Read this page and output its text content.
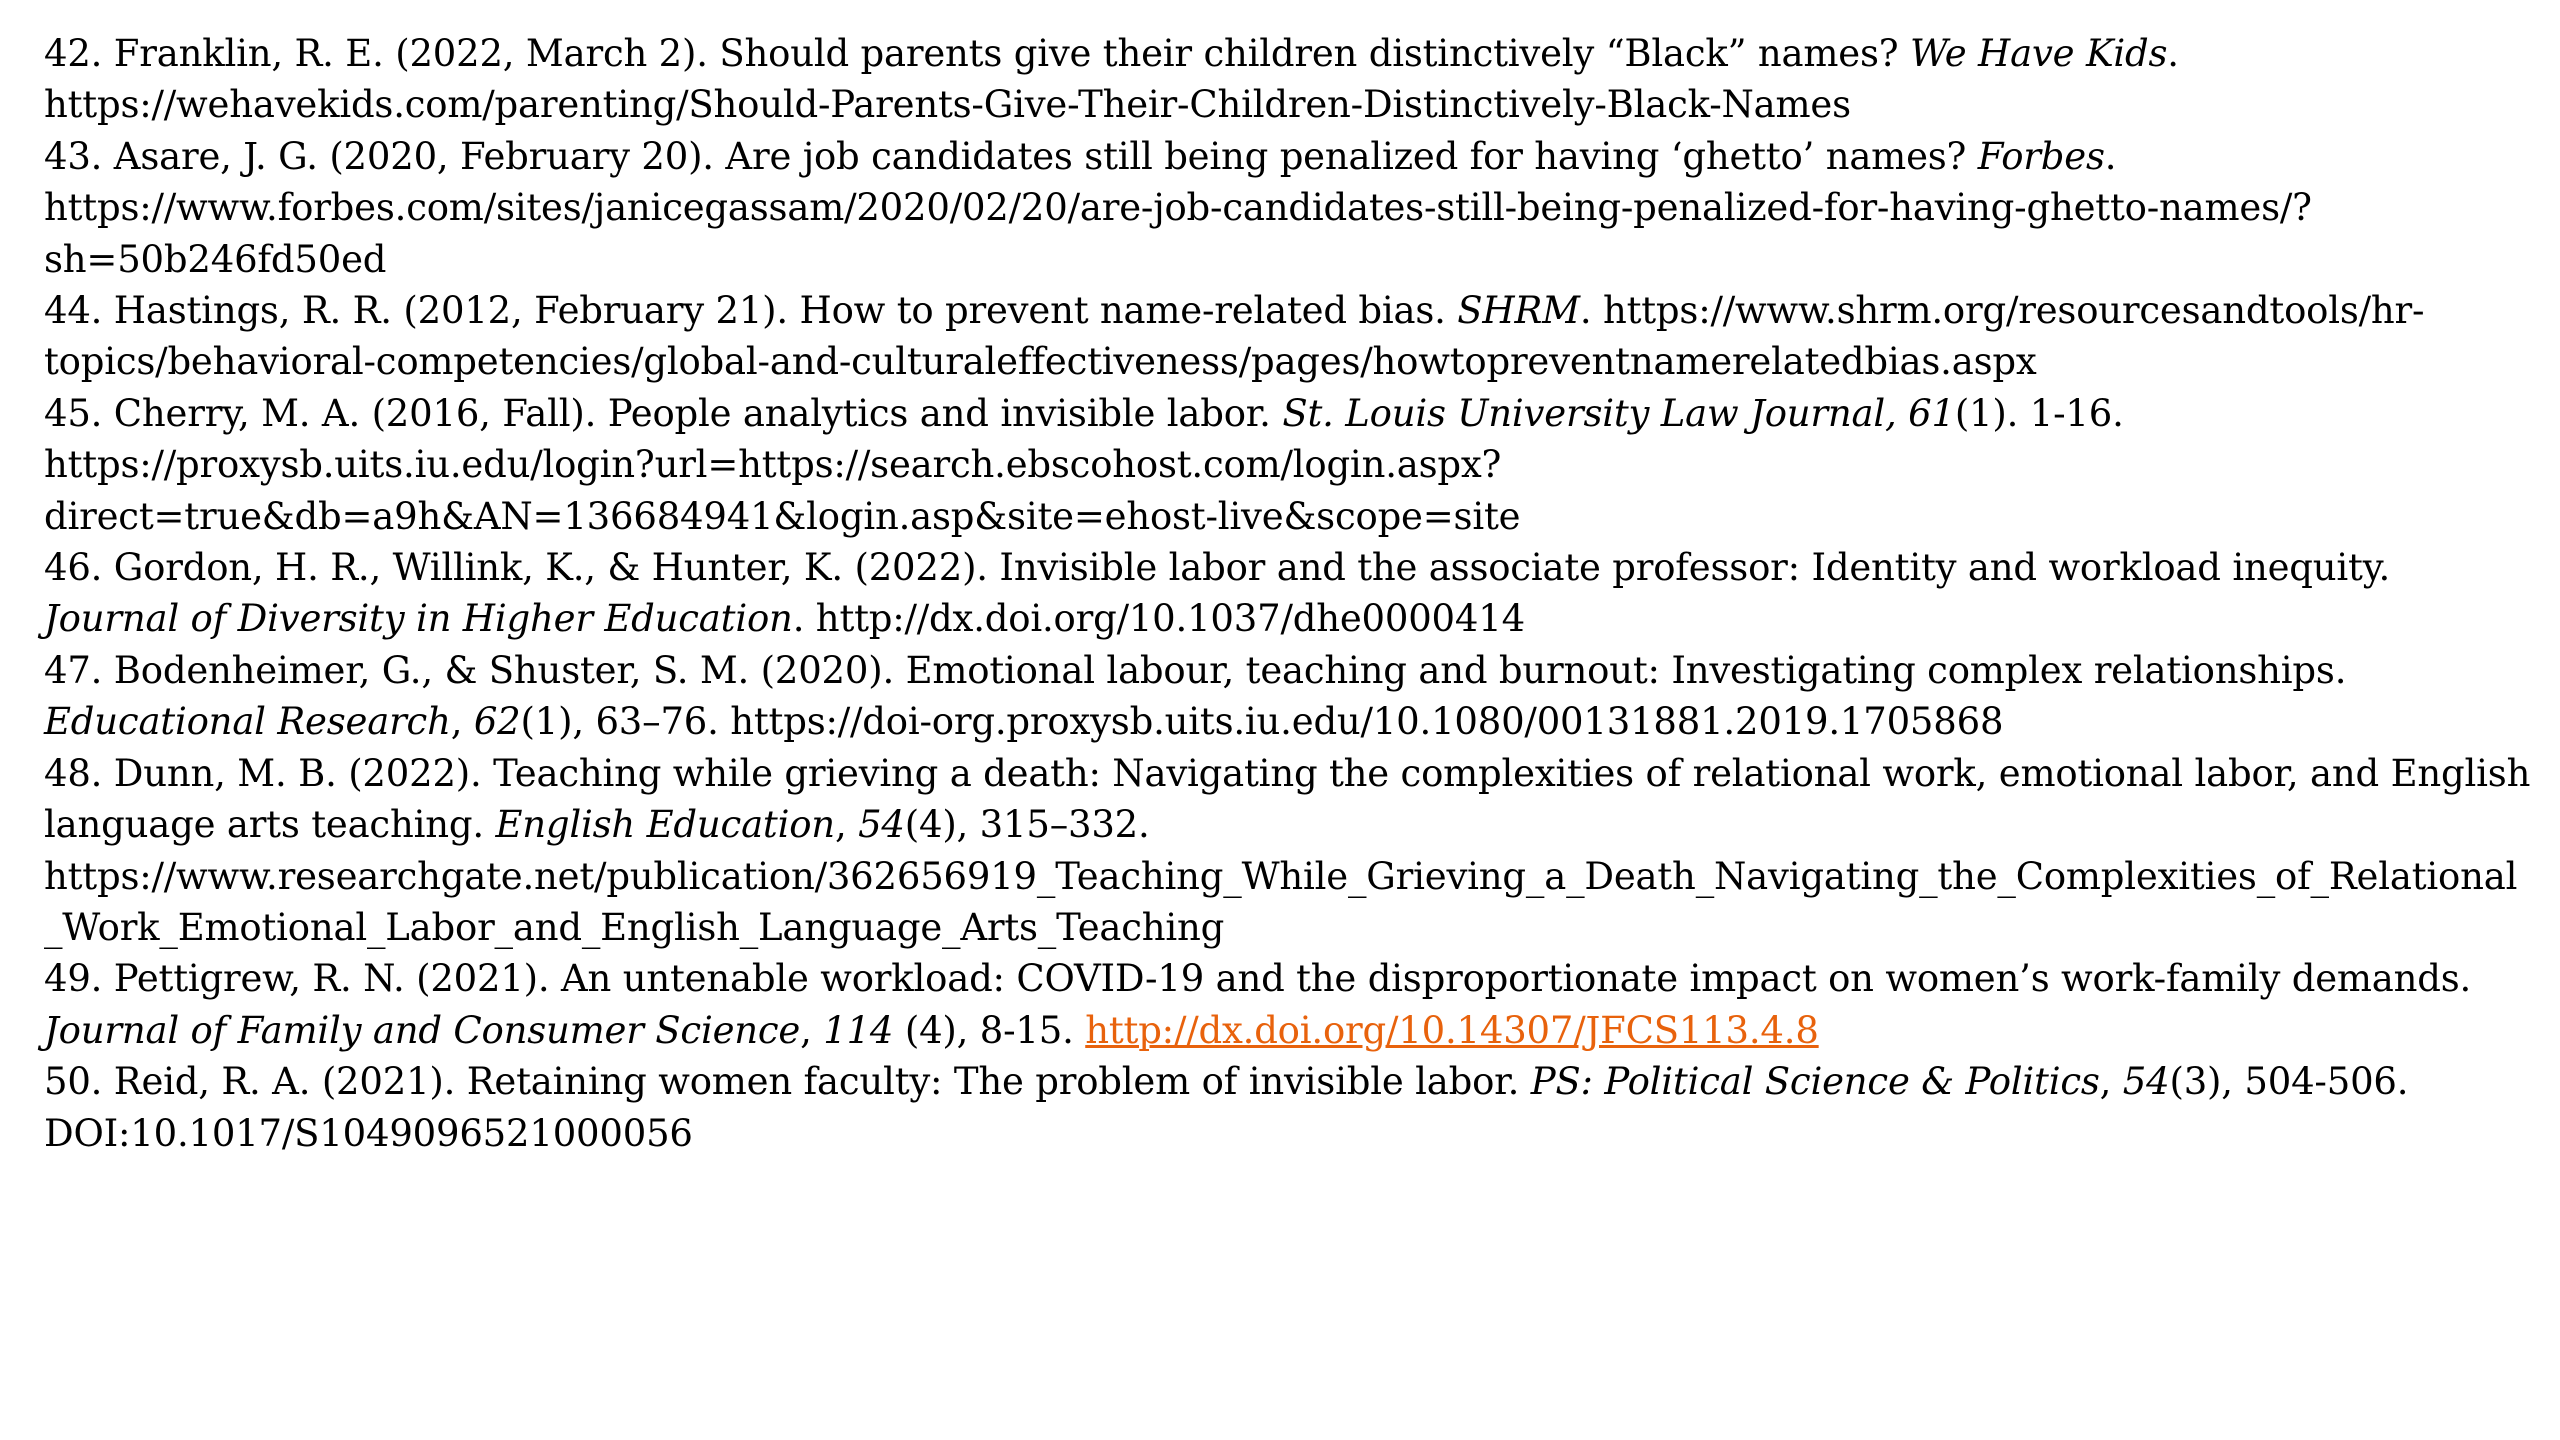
42. Franklin, R. E. (2022, March 2). Should parents give their children distinctively “Black” names? We Have Kids. https://wehavekids.com/parenting/Should-Parents-Give-Their-Children-Distinctively-Black-Names
43. Asare, J. G. (2020, February 20). Are job candidates still being penalized for having ‘ghetto’ names? Forbes. https://www.forbes.com/sites/janicegassam/2020/02/20/are-job-candidates-still-being-penalized-for-having-ghetto-names/?sh=50b246fd50ed
44. Hastings, R. R. (2012, February 21). How to prevent name-related bias. SHRM. https://www.shrm.org/resourcesandtools/hr-topics/behavioral-competencies/global-and-culturaleffectiveness/pages/howtopreventnamerelatedbias.aspx
45. Cherry, M. A. (2016, Fall). People analytics and invisible labor. St. Louis University Law Journal, 61(1). 1-16. https://proxysb.uits.iu.edu/login?url=https://search.ebscohost.com/login.aspx?direct=true&db=a9h&AN=136684941&login.asp&site=ehost-live&scope=site
46. Gordon, H. R., Willink, K., & Hunter, K. (2022). Invisible labor and the associate professor: Identity and workload inequity. Journal of Diversity in Higher Education. http://dx.doi.org/10.1037/dhe0000414
47. Bodenheimer, G., & Shuster, S. M. (2020). Emotional labour, teaching and burnout: Investigating complex relationships. Educational Research, 62(1), 63–76. https://doi-org.proxysb.uits.iu.edu/10.1080/00131881.2019.1705868
48. Dunn, M. B. (2022). Teaching while grieving a death: Navigating the complexities of relational work, emotional labor, and English language arts teaching. English Education, 54(4), 315–332. https://www.researchgate.net/publication/362656919_Teaching_While_Grieving_a_Death_Navigating_the_Complexities_of_Relational_Work_Emotional_Labor_and_English_Language_Arts_Teaching
49. Pettigrew, R. N. (2021). An untenable workload: COVID-19 and the disproportionate impact on women’s work-family demands. Journal of Family and Consumer Science, 114 (4), 8-15. http://dx.doi.org/10.14307/JFCS113.4.8
50. Reid, R. A. (2021). Retaining women faculty: The problem of invisible labor. PS: Political Science & Politics, 54(3), 504-506. DOI:10.1017/S1049096521000056
